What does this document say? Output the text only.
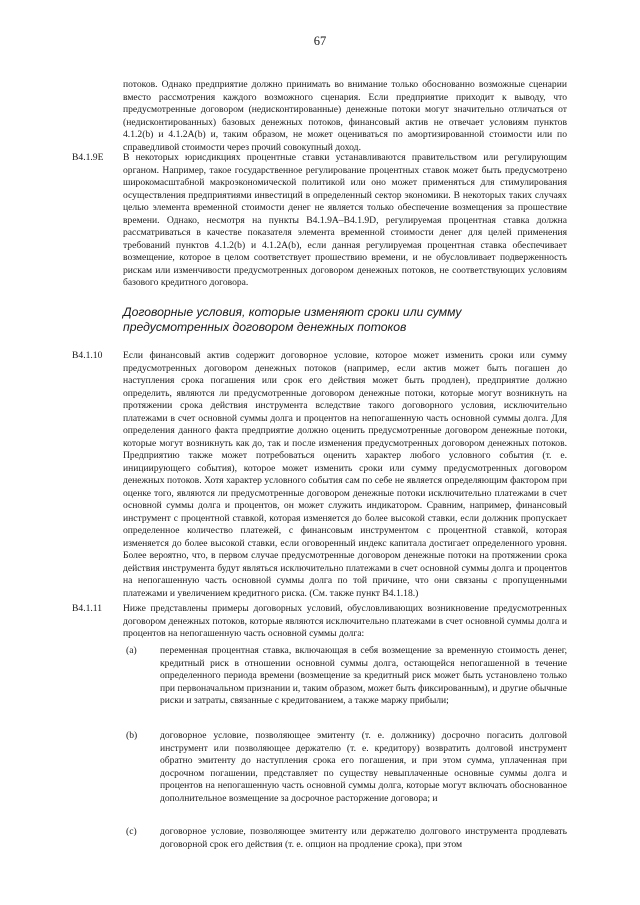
67

потоков. Однако предприятие должно принимать во внимание только обоснованно возможные сценарии вместо рассмотрения каждого возможного сценария. Если предприятие приходит к выводу, что предусмотренные договором (недисконтированные) денежные потоки могут значительно отличаться от (недисконтированных) базовых денежных потоков, финансовый актив не отвечает условиям пунктов 4.1.2(b) и 4.1.2A(b) и, таким образом, не может оцениваться по амортизированной стоимости или по справедливой стоимости через прочий совокупный доход.

B4.1.9E В некоторых юрисдикциях процентные ставки устанавливаются правительством или регулирующим органом. Например, такое государственное регулирование процентных ставок может быть предусмотрено широкомасштабной макроэкономической политикой или оно может применяться для стимулирования осуществления предприятиями инвестиций в определенный сектор экономики. В некоторых таких случаях целью элемента временной стоимости денег не является только обеспечение возмещения за прошествие времени. Однако, несмотря на пункты B4.1.9A–B4.1.9D, регулируемая процентная ставка должна рассматриваться в качестве показателя элемента временной стоимости денег для целей применения требований пунктов 4.1.2(b) и 4.1.2A(b), если данная регулируемая процентная ставка обеспечивает возмещение, которое в целом соответствует прошествию времени, и не обусловливает подверженность рискам или изменчивости предусмотренных договором денежных потоков, не соответствующих условиям базового кредитного договора.

Договорные условия, которые изменяют сроки или сумму предусмотренных договором денежных потоков
B4.1.10 Если финансовый актив содержит договорное условие, которое может изменить сроки или сумму предусмотренных договором денежных потоков (например, если актив может быть погашен до наступления срока погашения или срок его действия может быть продлен), предприятие должно определить, являются ли предусмотренные договором денежные потоки, которые могут возникнуть на протяжении срока действия инструмента вследствие такого договорного условия, исключительно платежами в счет основной суммы долга и процентов на непогашенную часть основной суммы долга. Для определения данного факта предприятие должно оценить предусмотренные договором денежные потоки, которые могут возникнуть как до, так и после изменения предусмотренных договором денежных потоков. Предприятию также может потребоваться оценить характер любого условного события (т. е. инициирующего события), которое может изменить сроки или сумму предусмотренных договором денежных потоков. Хотя характер условного события сам по себе не является определяющим фактором при оценке того, являются ли предусмотренные договором денежные потоки исключительно платежами в счет основной суммы долга и процентов, он может служить индикатором. Сравним, например, финансовый инструмент с процентной ставкой, которая изменяется до более высокой ставки, если должник пропускает определенное количество платежей, с финансовым инструментом с процентной ставкой, которая изменяется до более высокой ставки, если оговоренный индекс капитала достигает определенного уровня. Более вероятно, что, в первом случае предусмотренные договором денежные потоки на протяжении срока действия инструмента будут являться исключительно платежами в счет основной суммы долга и процентов на непогашенную часть основной суммы долга по той причине, что они связаны с пропущенными платежами и увеличением кредитного риска. (См. также пункт B4.1.18.)

B4.1.11 Ниже представлены примеры договорных условий, обусловливающих возникновение предусмотренных договором денежных потоков, которые являются исключительно платежами в счет основной суммы долга и процентов на непогашенную часть основной суммы долга:

(a) переменная процентная ставка, включающая в себя возмещение за временную стоимость денег, кредитный риск в отношении основной суммы долга, остающейся непогашенной в течение определенного периода времени (возмещение за кредитный риск может быть установлено только при первоначальном признании и, таким образом, может быть фиксированным), и другие обычные риски и затраты, связанные с кредитованием, а также маржу прибыли;

(b) договорное условие, позволяющее эмитенту (т. е. должнику) досрочно погасить долговой инструмент или позволяющее держателю (т. е. кредитору) возвратить долговой инструмент обратно эмитенту до наступления срока его погашения, и при этом сумма, уплаченная при досрочном погашении, представляет по существу невыплаченные основные суммы долга и процентов на непогашенную часть основной суммы долга, которые могут включать обоснованное дополнительное возмещение за досрочное расторжение договора; и

(c) договорное условие, позволяющее эмитенту или держателю долгового инструмента продлевать договорной срок его действия (т. е. опцион на продление срока), при этом
